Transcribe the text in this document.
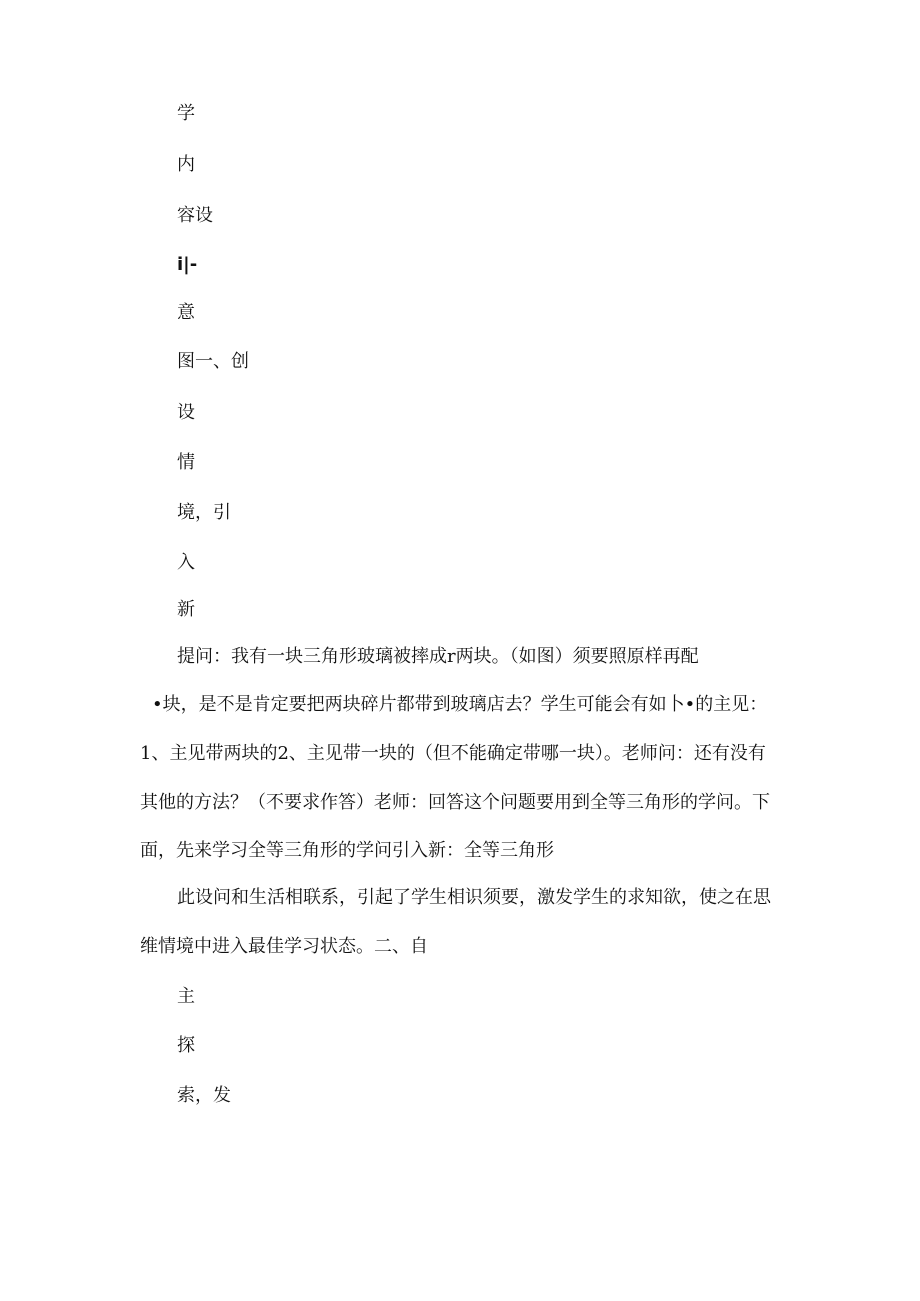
学
内
容设
i|-
意
图一、创
设
情
境，引
入
新
提问：我有一块三角形玻璃被摔成r两块。（如图）须要照原样再配
•块，是不是肯定要把两块碎片都带到玻璃店去？学生可能会有如卜•的主见：
1、主见带两块的2、主见带一块的（但不能确定带哪一块）。老师问：还有没有
其他的方法？（不要求作答）老师：回答这个问题要用到全等三角形的学问。下
面，先来学习全等三角形的学问引入新：全等三角形
此设问和生活相联系，引起了学生相识须要，激发学生的求知欲，使之在思
维情境中进入最佳学习状态。二、自
主
探
索，发
